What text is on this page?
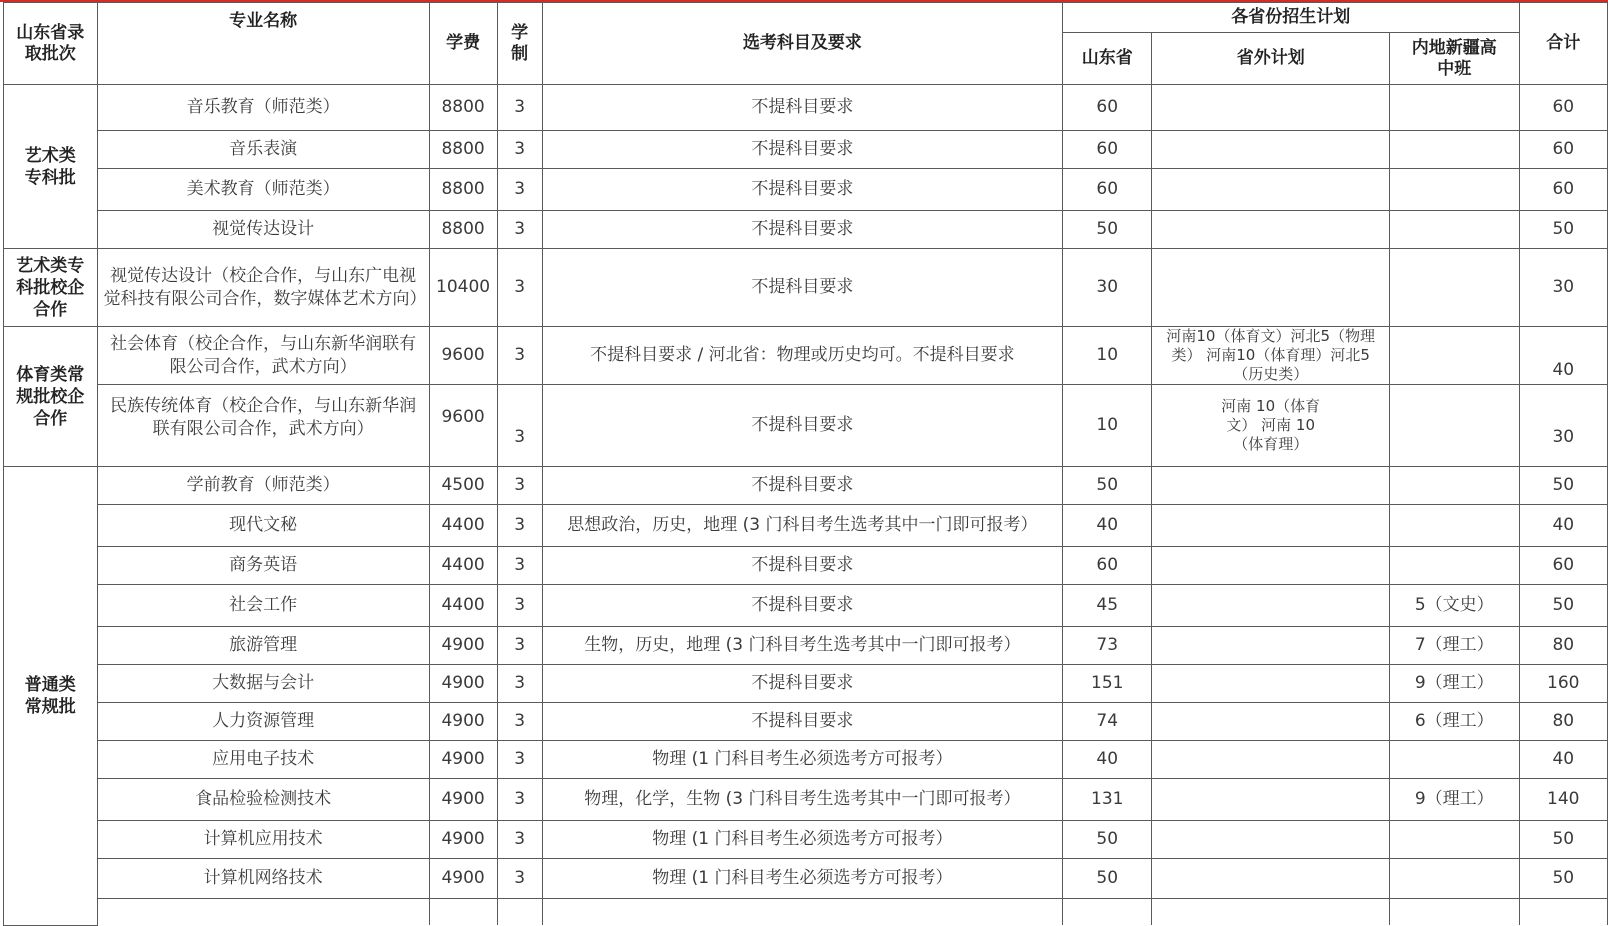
山东省录取批次	专业名称	学费	学制	选考科目及要求	各省份招生计划			合计
					山东省	省外计划	内地新疆高中班	
艺术类专科批	音乐教育（师范类）	8800	3	不提科目要求	60			60
	音乐表演	8800	3	不提科目要求	60			60
	美术教育（师范类）	8800	3	不提科目要求	60			60
	视觉传达设计	8800	3	不提科目要求	50			50
艺术类专科批校企合作	视觉传达设计（校企合作，与山东广电视觉科技有限公司合作，数字媒体艺术方向）	10400	3	不提科目要求	30			30
体育类常规批校企合作	社会体育（校企合作，与山东新华润联有限公司合作，武术方向）	9600	3	不提科目要求 / 河北省：物理或历史均可。不提科目要求	10	河南10（体育文）河北5（物理类） 河南10（体育理）河北5（历史类）		40
	民族传统体育（校企合作，与山东新华润联有限公司合作，武术方向）	9600	3	不提科目要求	10	河南 10（体育文） 河南 10（体育理）		30
普通类常规批	学前教育（师范类）	4500	3	不提科目要求	50			50
	现代文秘	4400	3	思想政治，历史，地理 (3 门科目考生选考其中一门即可报考）	40			40
	商务英语	4400	3	不提科目要求	60			60
	社会工作	4400	3	不提科目要求	45		5（文史）	50
	旅游管理	4900	3	生物，历史，地理 (3 门科目考生选考其中一门即可报考）	73		7（理工）	80
	大数据与会计	4900	3	不提科目要求	151		9（理工）	160
	人力资源管理	4900	3	不提科目要求	74		6（理工）	80
	应用电子技术	4900	3	物理 (1 门科目考生必须选考方可报考）	40			40
	食品检验检测技术	4900	3	物理，化学，生物 (3 门科目考生选考其中一门即可报考）	131		9（理工）	140
	计算机应用技术	4900	3	物理 (1 门科目考生必须选考方可报考）	50			50
	计算机网络技术	4900	3	物理 (1 门科目考生必须选考方可报考）	50			50
